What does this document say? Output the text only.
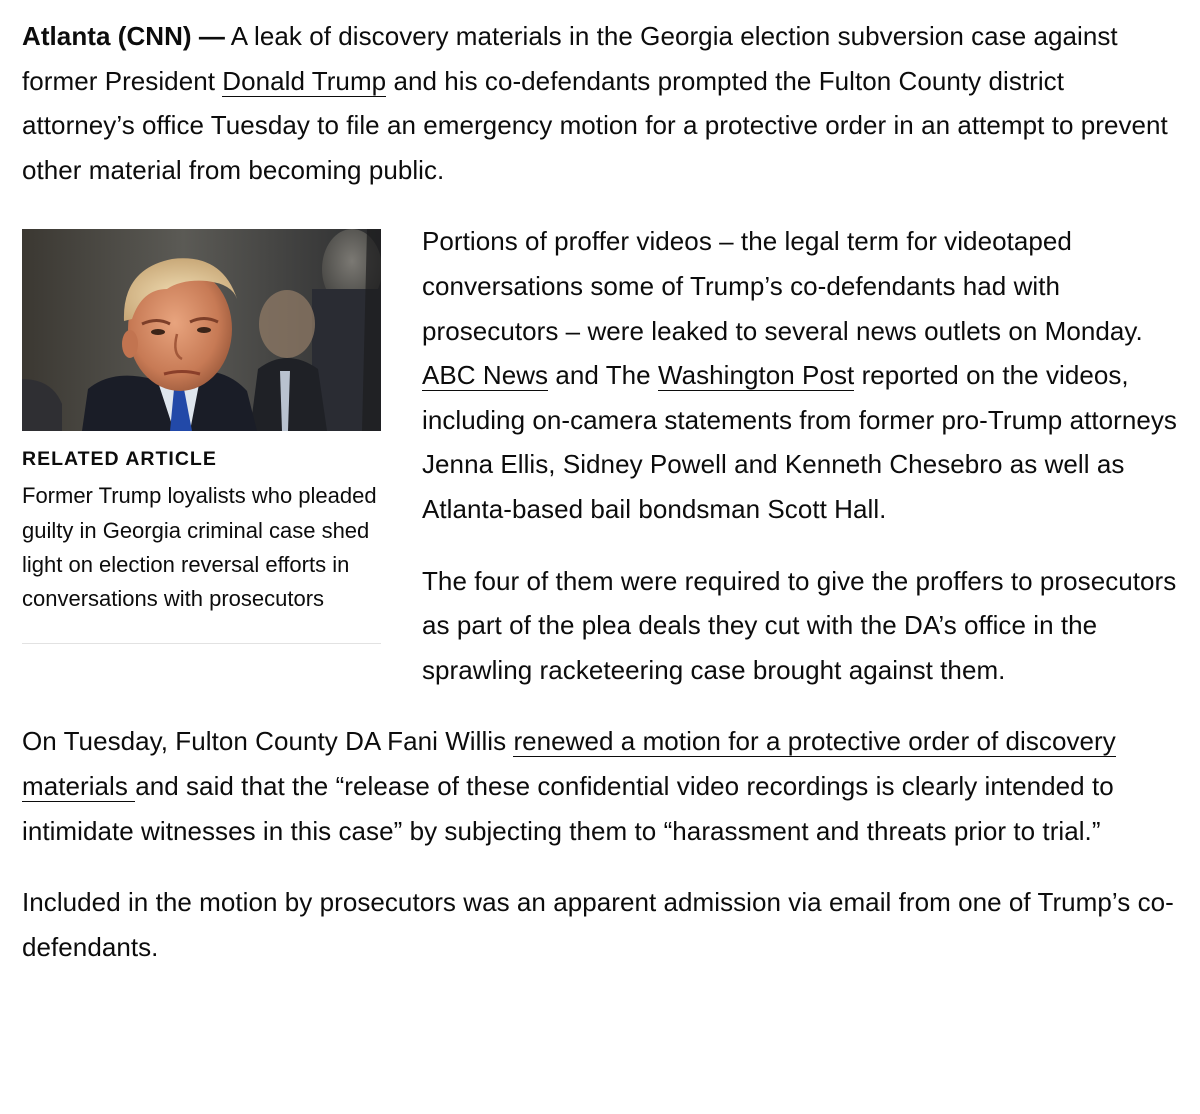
Atlanta (CNN) — A leak of discovery materials in the Georgia election subversion case against former President Donald Trump and his co-defendants prompted the Fulton County district attorney’s office Tuesday to file an emergency motion for a protective order in an attempt to prevent other material from becoming public.

RELATED ARTICLE
Former Trump loyalists who pleaded guilty in Georgia criminal case shed light on election reversal efforts in conversations with prosecutors

Portions of proffer videos – the legal term for videotaped conversations some of Trump’s co-defendants had with prosecutors – were leaked to several news outlets on Monday. ABC News and The Washington Post reported on the videos, including on-camera statements from former pro-Trump attorneys Jenna Ellis, Sidney Powell and Kenneth Chesebro as well as Atlanta-based bail bondsman Scott Hall.

The four of them were required to give the proffers to prosecutors as part of the plea deals they cut with the DA’s office in the sprawling racketeering case brought against them.

On Tuesday, Fulton County DA Fani Willis renewed a motion for a protective order of discovery materials and said that the “release of these confidential video recordings is clearly intended to intimidate witnesses in this case” by subjecting them to “harassment and threats prior to trial.”

Included in the motion by prosecutors was an apparent admission via email from one of Trump’s co-defendants.
